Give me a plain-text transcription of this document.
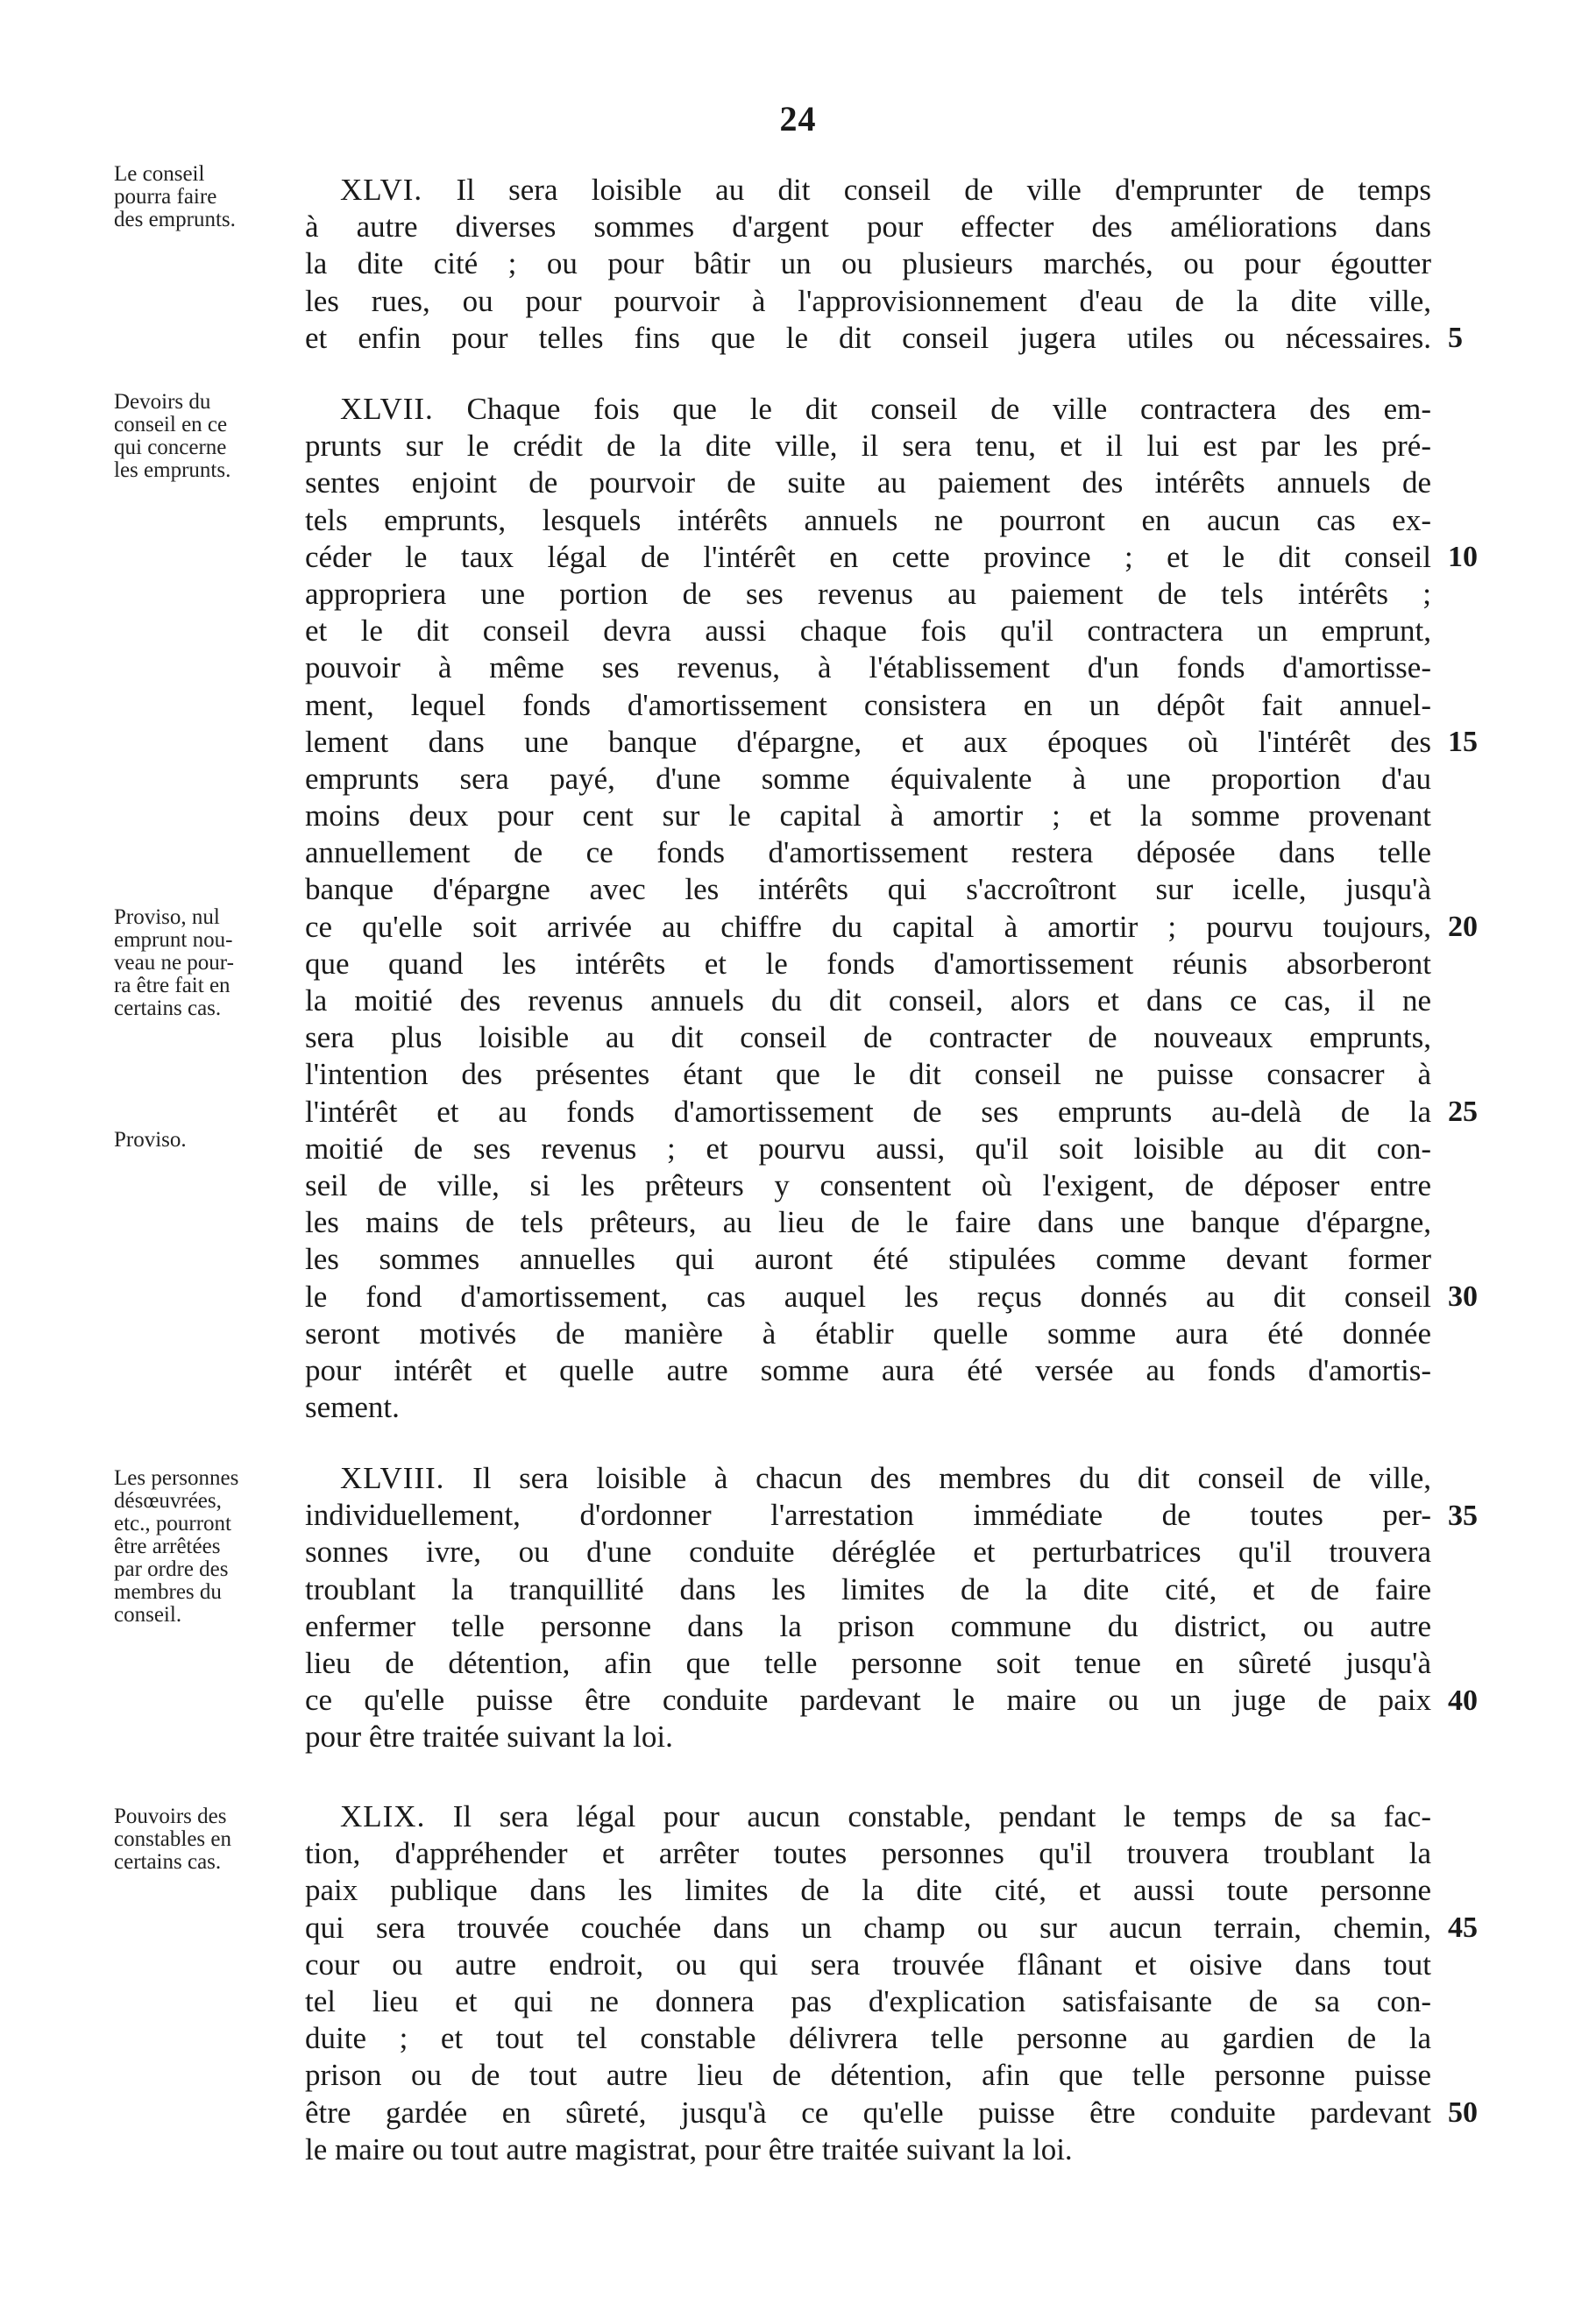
24
Le conseil
pourra faire
des emprunts.
XLVI. Il sera loisible au dit conseil de ville d'emprunter de temps
à autre diverses sommes d'argent pour effecter des améliorations dans
la dite cité ; ou pour bâtir un ou plusieurs marchés, ou pour égoutter
les rues, ou pour pourvoir à l'approvisionnement d'eau de la dite ville,
et enfin pour telles fins que le dit conseil jugera utiles ou nécessaires.
Devoirs du
conseil en ce
qui concerne
les emprunts.
Proviso, nul
emprunt nou-
veau ne pour-
ra être fait en
certains cas.
Proviso.
XLVII. Chaque fois que le dit conseil de ville contractera des em-
prunts sur le crédit de la dite ville, il sera tenu, et il lui est par les pré-
sentes enjoint de pourvoir de suite au paiement des intérêts annuels de
tels emprunts, lesquels intérêts annuels ne pourront en aucun cas ex-
céder le taux légal de l'intérêt en cette province ; et le dit conseil
appropriera une portion de ses revenus au paiement de tels intérêts ;
et le dit conseil devra aussi chaque fois qu'il contractera un emprunt,
pouvoir à même ses revenus, à l'établissement d'un fonds d'amortisse-
ment, lequel fonds d'amortissement consistera en un dépôt fait annuel-
lement dans une banque d'épargne, et aux époques où l'intérêt des
emprunts sera payé, d'une somme équivalente à une proportion d'au
moins deux pour cent sur le capital à amortir ; et la somme provenant
annuellement de ce fonds d'amortissement restera déposée dans telle
banque d'épargne avec les intérêts qui s'accroîtront sur icelle, jusqu'à
ce qu'elle soit arrivée au chiffre du capital à amortir ; pourvu toujours,
que quand les intérêts et le fonds d'amortissement réunis absorberont
la moitié des revenus annuels du dit conseil, alors et dans ce cas, il ne
sera plus loisible au dit conseil de contracter de nouveaux emprunts,
l'intention des présentes étant que le dit conseil ne puisse consacrer à
l'intérêt et au fonds d'amortissement de ses emprunts au-delà de la
moitié de ses revenus ; et pourvu aussi, qu'il soit loisible au dit con-
seil de ville, si les prêteurs y consentent où l'exigent, de déposer entre
les mains de tels prêteurs, au lieu de le faire dans une banque d'épargne,
les sommes annuelles qui auront été stipulées comme devant former
le fond d'amortissement, cas auquel les reçus donnés au dit conseil
seront motivés de manière à établir quelle somme aura été donnée
pour intérêt et quelle autre somme aura été versée au fonds d'amortis-
sement.
Les personnes
désœuvrées,
etc., pourront
être arrêtées
par ordre des
membres du
conseil.
XLVIII. Il sera loisible à chacun des membres du dit conseil de ville,
individuellement, d'ordonner l'arrestation immédiate de toutes per-
sonnes ivre, ou d'une conduite déréglée et perturbatrices qu'il trouvera
troublant la tranquillité dans les limites de la dite cité, et de faire
enfermer telle personne dans la prison commune du district, ou autre
lieu de détention, afin que telle personne soit tenue en sûreté jusqu'à
ce qu'elle puisse être conduite pardevant le maire ou un juge de paix
pour être traitée suivant la loi.
Pouvoirs des
constables en
certains cas.
XLIX. Il sera légal pour aucun constable, pendant le temps de sa fac-
tion, d'appréhender et arrêter toutes personnes qu'il trouvera troublant la
paix publique dans les limites de la dite cité, et aussi toute personne
qui sera trouvée couchée dans un champ ou sur aucun terrain, chemin,
cour ou autre endroit, ou qui sera trouvée flânant et oisive dans tout
tel lieu et qui ne donnera pas d'explication satisfaisante de sa con-
duite ; et tout tel constable délivrera telle personne au gardien de la
prison ou de tout autre lieu de détention, afin que telle personne puisse
être gardée en sûreté, jusqu'à ce qu'elle puisse être conduite pardevant
le maire ou tout autre magistrat, pour être traitée suivant la loi.
5
10
15
20
25
30
35
40
45
50
